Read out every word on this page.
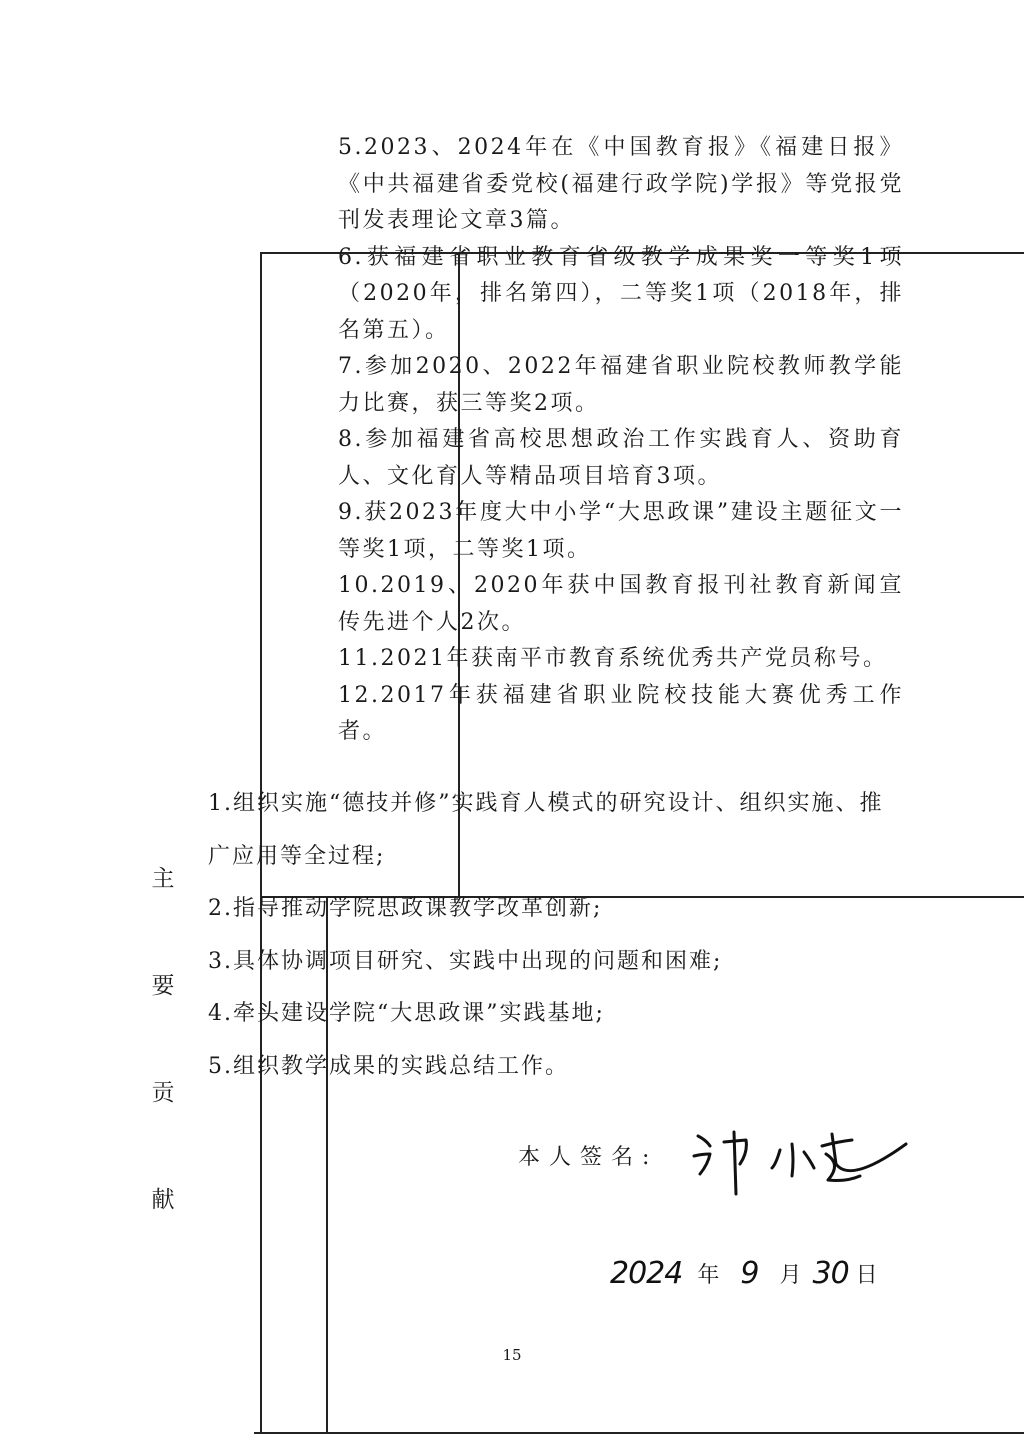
5.2023、2024年在《中国教育报》《福建日报》《中共福建省委党校(福建行政学院)学报》等党报党刊发表理论文章3篇。
6.获福建省职业教育省级教学成果奖一等奖1项（2020年，排名第四），二等奖1项（2018年，排名第五）。
7.参加2020、2022年福建省职业院校教师教学能力比赛，获三等奖2项。
8.参加福建省高校思想政治工作实践育人、资助育人、文化育人等精品项目培育3项。
9.获2023年度大中小学“大思政课”建设主题征文一等奖1项，二等奖1项。
10.2019、2020年获中国教育报刊社教育新闻宣传先进个人2次。
11.2021年获南平市教育系统优秀共产党员称号。
12.2017年获福建省职业院校技能大赛优秀工作者。
主
要
贡
献
1.组织实施“德技并修”实践育人模式的研究设计、组织实施、推广应用等全过程;
2.指导推动学院思政课教学改革创新;
3.具体协调项目研究、实践中出现的问题和困难;
4.牵头建设学院“大思政课”实践基地;
5.组织教学成果的实践总结工作。
本人签名:
2024 年 9 月 30 日
15
